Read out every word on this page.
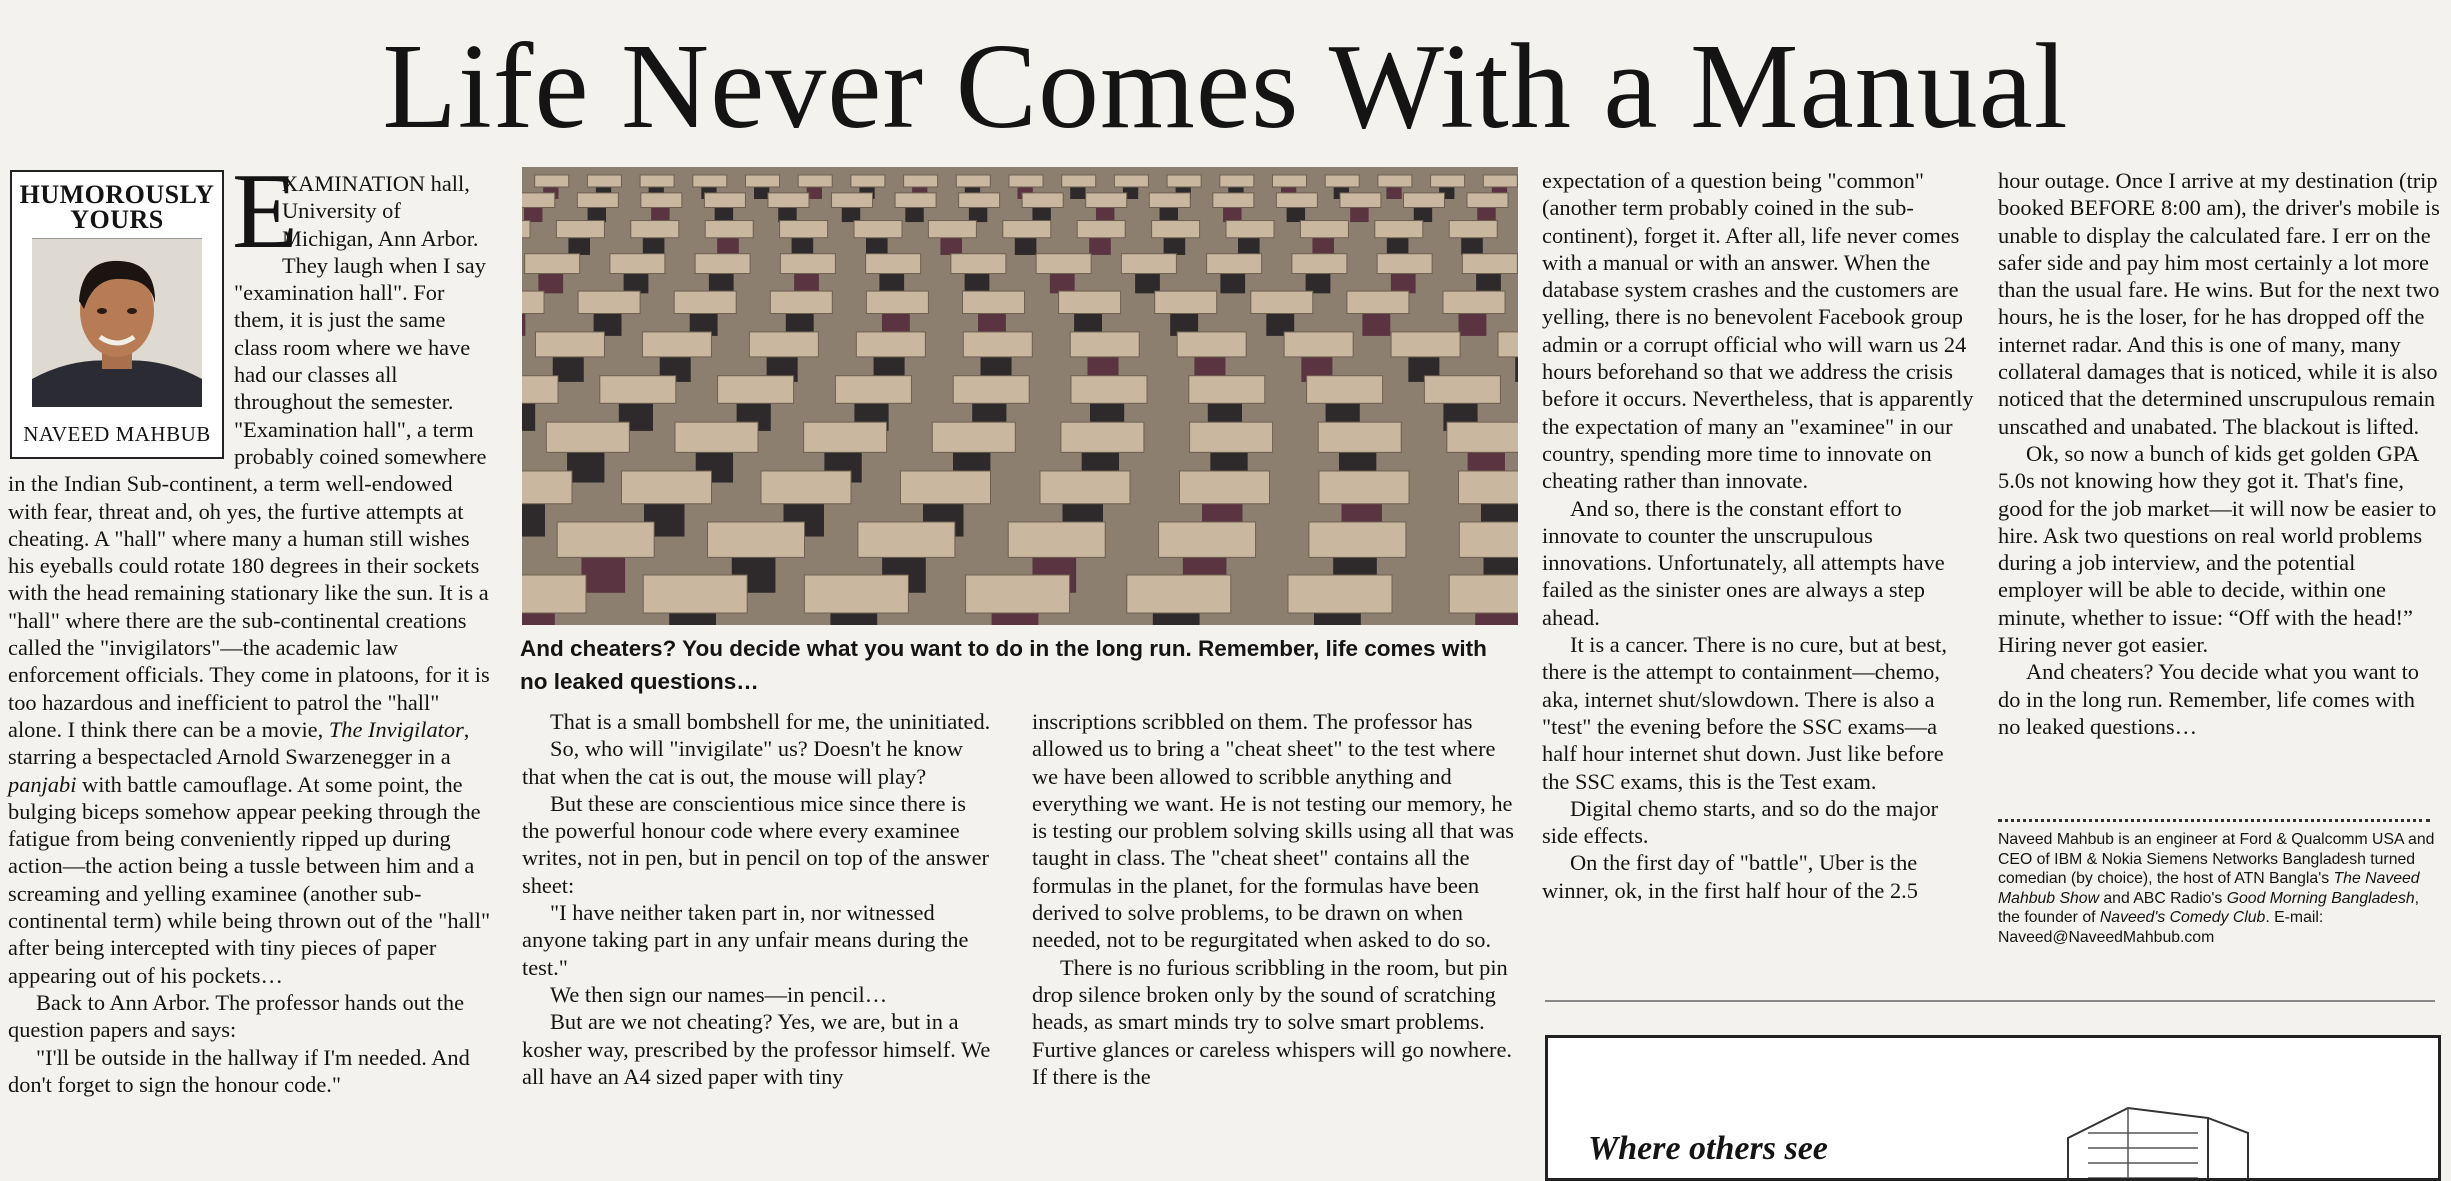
Life Never Comes With a Manual
HUMOROUSLY
YOURS
NAVEED MAHBUB
E

XAMINATION hall, University of Michigan, Ann Arbor. They laugh when I say "examination hall". For them, it is just the same class room where we have had our classes all throughout the semester. "Examination hall", a term probably coined somewhere in the Indian Sub-continent, a term well-endowed with fear, threat and, oh yes, the furtive attempts at cheating. A "hall" where many a human still wishes his eyeballs could rotate 180 degrees in their sockets with the head remaining stationary like the sun. It is a "hall" where there are the sub-continental creations called the "invigilators"—the academic law enforcement officials. They come in platoons, for it is too hazardous and inefficient to patrol the "hall" alone. I think there can be a movie, The Invigilator, starring a bespectacled Arnold Swarzenegger in a panjabi with battle camouflage. At some point, the bulging biceps somehow appear peeking through the fatigue from being conveniently ripped up during action—the action being a tussle between him and a screaming and yelling examinee (another sub-continental term) while being thrown out of the "hall" after being intercepted with tiny pieces of paper appearing out of his pockets…

Back to Ann Arbor. The professor hands out the question papers and says:

"I'll be outside in the hallway if I'm needed. And don't forget to sign the honour code."

And cheaters? You decide what you want to do in the long run. Remember, life comes with no leaked questions…

That is a small bombshell for me, the uninitiated.

So, who will "invigilate" us? Doesn't he know that when the cat is out, the mouse will play?

But these are conscientious mice since there is the powerful honour code where every examinee writes, not in pen, but in pencil on top of the answer sheet:

"I have neither taken part in, nor witnessed anyone taking part in any unfair means during the test."

We then sign our names—in pencil…

But are we not cheating? Yes, we are, but in a kosher way, prescribed by the professor himself. We all have an A4 sized paper with tiny

inscriptions scribbled on them. The professor has allowed us to bring a "cheat sheet" to the test where we have been allowed to scribble anything and everything we want. He is not testing our memory, he is testing our problem solving skills using all that was taught in class. The "cheat sheet" contains all the formulas in the planet, for the formulas have been derived to solve problems, to be drawn on when needed, not to be regurgitated when asked to do so.

There is no furious scribbling in the room, but pin drop silence broken only by the sound of scratching heads, as smart minds try to solve smart problems. Furtive glances or careless whispers will go nowhere. If there is the

expectation of a question being "common" (another term probably coined in the sub-continent), forget it. After all, life never comes with a manual or with an answer. When the database system crashes and the customers are yelling, there is no benevolent Facebook group admin or a corrupt official who will warn us 24 hours beforehand so that we address the crisis before it occurs. Nevertheless, that is apparently the expectation of many an "examinee" in our country, spending more time to innovate on cheating rather than innovate.

And so, there is the constant effort to innovate to counter the unscrupulous innovations. Unfortunately, all attempts have failed as the sinister ones are always a step ahead.

It is a cancer. There is no cure, but at best, there is the attempt to containment—chemo, aka, internet shut/slowdown. There is also a "test" the evening before the SSC exams—a half hour internet shut down. Just like before the SSC exams, this is the Test exam.

Digital chemo starts, and so do the major side effects.

On the first day of "battle", Uber is the winner, ok, in the first half hour of the 2.5

hour outage. Once I arrive at my destination (trip booked BEFORE 8:00 am), the driver's mobile is unable to display the calculated fare. I err on the safer side and pay him most certainly a lot more than the usual fare. He wins. But for the next two hours, he is the loser, for he has dropped off the internet radar. And this is one of many, many collateral damages that is noticed, while it is also noticed that the determined unscrupulous remain unscathed and unabated. The blackout is lifted.

Ok, so now a bunch of kids get golden GPA 5.0s not knowing how they got it. That's fine, good for the job market—it will now be easier to hire. Ask two questions on real world problems during a job interview, and the potential employer will be able to decide, within one minute, whether to issue: “Off with the head!” Hiring never got easier.

And cheaters? You decide what you want to do in the long run. Remember, life comes with no leaked questions…

Naveed Mahbub is an engineer at Ford & Qualcomm USA and CEO of IBM & Nokia Siemens Networks Bangladesh turned comedian (by choice), the host of ATN Bangla's The Naveed Mahbub Show and ABC Radio's Good Morning Bangladesh, the founder of Naveed's Comedy Club. E-mail: Naveed@NaveedMahbub.com
Where others see
